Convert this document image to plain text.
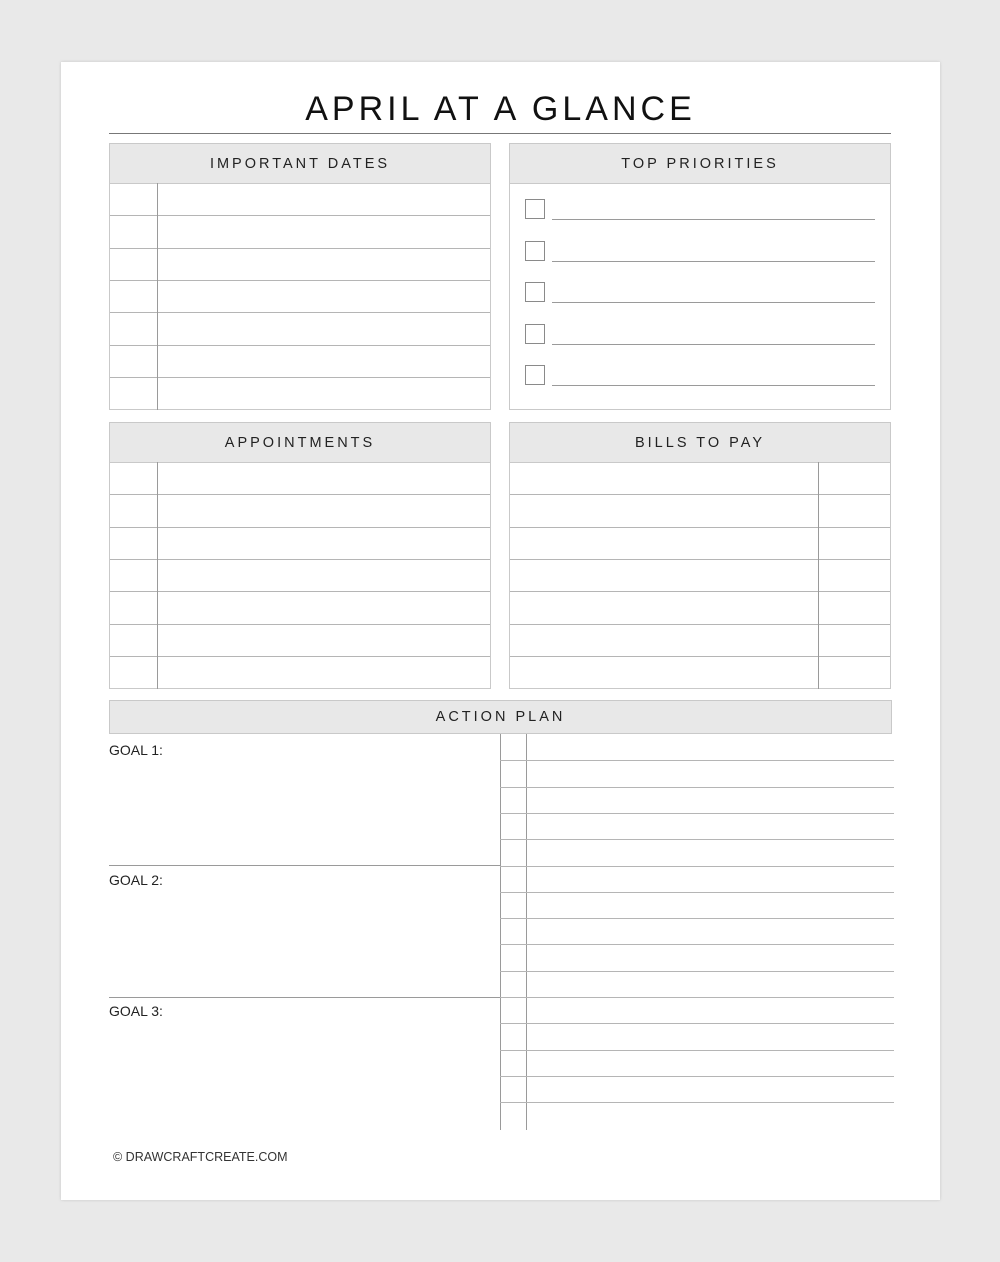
APRIL AT A GLANCE
IMPORTANT DATES	TOP PRIORITIES
APPOINTMENTS	BILLS TO PAY
ACTION PLAN
GOAL 1:
GOAL 2:
GOAL 3:
© DRAWCRAFTCREATE.COM
